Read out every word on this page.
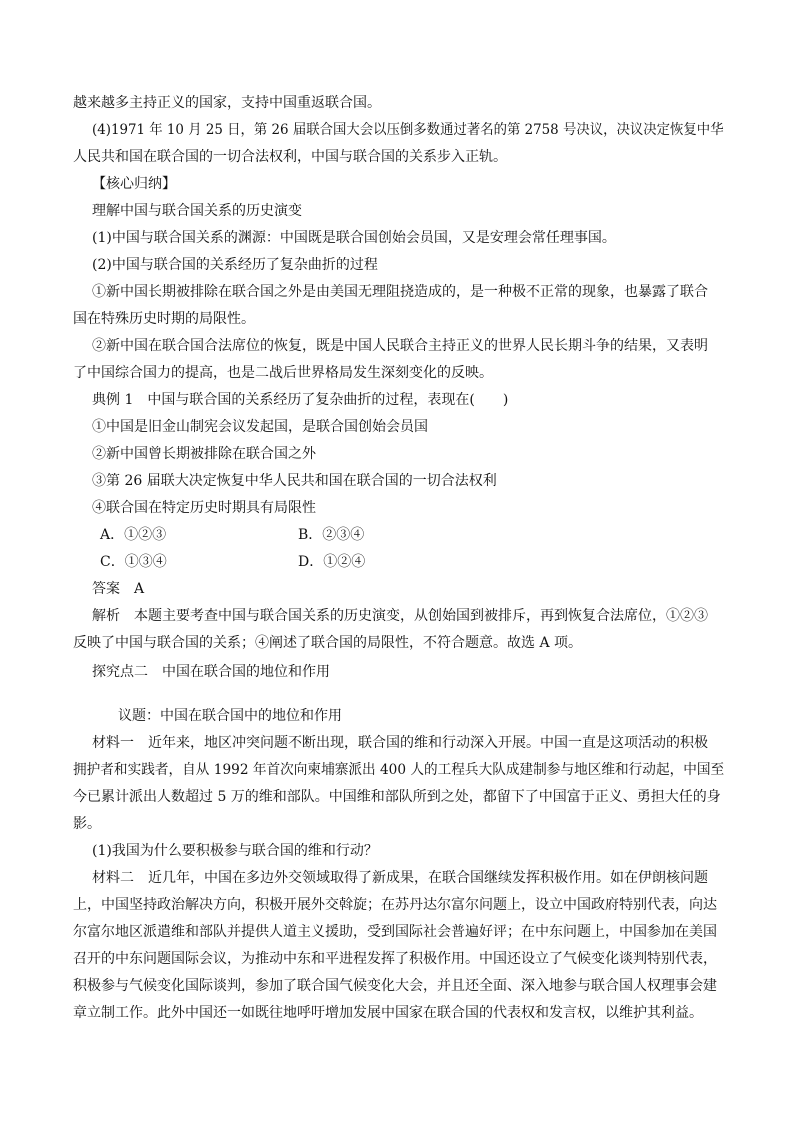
越来越多主持正义的国家，支持中国重返联合国。
(4)1971 年 10 月 25 日，第 26 届联合国大会以压倒多数通过著名的第 2758 号决议，决议决定恢复中华
人民共和国在联合国的一切合法权利，中国与联合国的关系步入正轨。
【核心归纳】
理解中国与联合国关系的历史演变
(1)中国与联合国关系的渊源：中国既是联合国创始会员国，又是安理会常任理事国。
(2)中国与联合国的关系经历了复杂曲折的过程
①新中国长期被排除在联合国之外是由美国无理阻挠造成的，是一种极不正常的现象，也暴露了联合
国在特殊历史时期的局限性。
②新中国在联合国合法席位的恢复，既是中国人民联合主持正义的世界人民长期斗争的结果，又表明
了中国综合国力的提高，也是二战后世界格局发生深刻变化的反映。
典例 1　中国与联合国的关系经历了复杂曲折的过程，表现在(　　)
①中国是旧金山制宪会议发起国，是联合国创始会员国
②新中国曾长期被排除在联合国之外
③第 26 届联大决定恢复中华人民共和国在联合国的一切合法权利
④联合国在特定历史时期具有局限性
A．①②③	B．②③④
C．①③④	D．①②④
答案　A
解析　本题主要考查中国与联合国关系的历史演变，从创始国到被排斥，再到恢复合法席位，①②③
反映了中国与联合国的关系；④阐述了联合国的局限性，不符合题意。故选 A 项。
探究点二　中国在联合国的地位和作用
议题：中国在联合国中的地位和作用
材料一　近年来，地区冲突问题不断出现，联合国的维和行动深入开展。中国一直是这项活动的积极
拥护者和实践者，自从 1992 年首次向柬埔寨派出 400 人的工程兵大队成建制参与地区维和行动起，中国至
今已累计派出人数超过 5 万的维和部队。中国维和部队所到之处，都留下了中国富于正义、勇担大任的身
影。
(1)我国为什么要积极参与联合国的维和行动？
材料二　近几年，中国在多边外交领域取得了新成果，在联合国继续发挥积极作用。如在伊朗核问题
上，中国坚持政治解决方向，积极开展外交斡旋；在苏丹达尔富尔问题上，设立中国政府特别代表，向达
尔富尔地区派遣维和部队并提供人道主义援助，受到国际社会普遍好评；在中东问题上，中国参加在美国
召开的中东问题国际会议，为推动中东和平进程发挥了积极作用。中国还设立了气候变化谈判特别代表，
积极参与气候变化国际谈判，参加了联合国气候变化大会，并且还全面、深入地参与联合国人权理事会建
章立制工作。此外中国还一如既往地呼吁增加发展中国家在联合国的代表权和发言权，以维护其利益。
